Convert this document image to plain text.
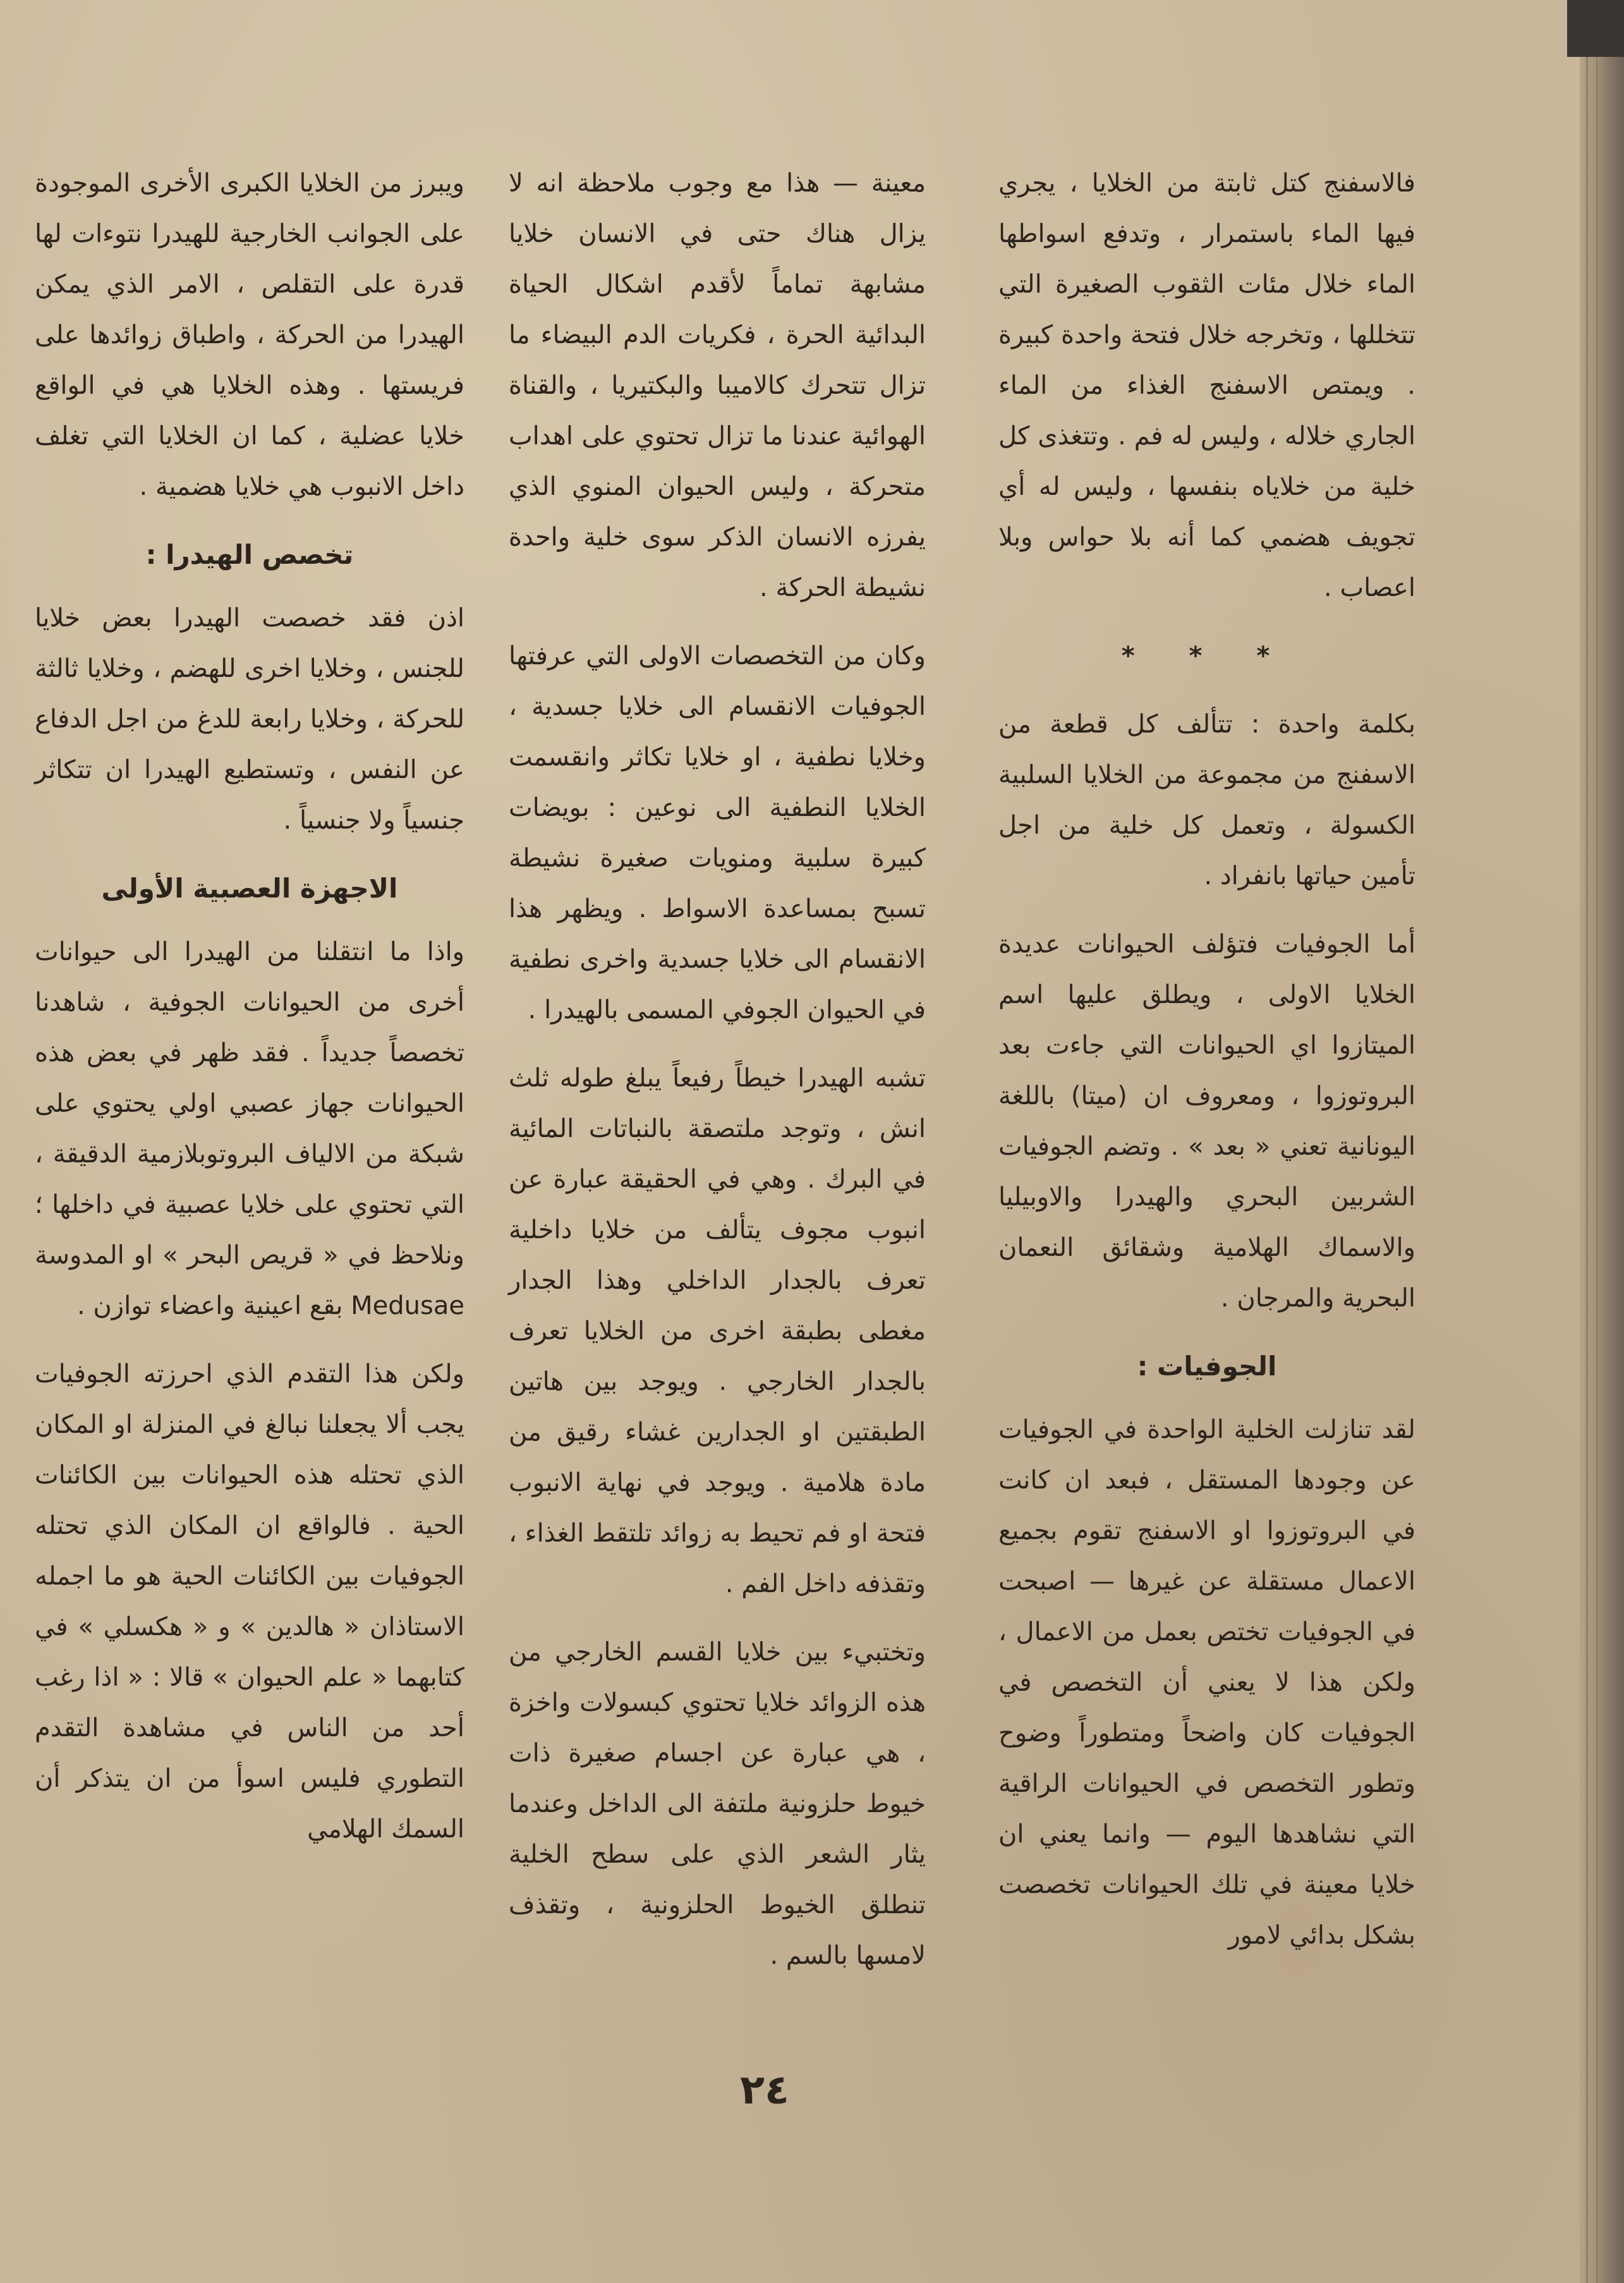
فالاسفنج كتل ثابتة من الخلايا ، يجري فيها الماء باستمرار ، وتدفع اسواطها الماء خلال مئات الثقوب الصغيرة التي تتخللها ، وتخرجه خلال فتحة واحدة كبيرة . ويمتص الاسفنج الغذاء من الماء الجاري خلاله ، وليس له فم . وتتغذى كل خلية من خلاياه بنفسها ، وليس له أي تجويف هضمي كما أنه بلا حواس وبلا اعصاب .

* * *

بكلمة واحدة : تتألف كل قطعة من الاسفنج من مجموعة من الخلايا السلبية الكسولة ، وتعمل كل خلية من اجل تأمين حياتها بانفراد .

أما الجوفيات فتؤلف الحيوانات عديدة الخلايا الاولى ، ويطلق عليها اسم الميتازوا اي الحيوانات التي جاءت بعد البروتوزوا ، ومعروف ان (ميتا) باللغة اليونانية تعني « بعد » . وتضم الجوفيات الشربين البحري والهيدرا والاوبيليا والاسماك الهلامية وشقائق النعمان البحرية والمرجان .

الجوفيات :

لقد تنازلت الخلية الواحدة في الجوفيات عن وجودها المستقل ، فبعد ان كانت في البروتوزوا او الاسفنج تقوم بجميع الاعمال مستقلة عن غيرها — اصبحت في الجوفيات تختص بعمل من الاعمال ، ولكن هذا لا يعني أن التخصص في الجوفيات كان واضحاً ومتطوراً وضوح وتطور التخصص في الحيوانات الراقية التي نشاهدها اليوم — وانما يعني ان خلايا معينة في تلك الحيوانات تخصصت بشكل بدائي لامور

معينة — هذا مع وجوب ملاحظة انه لا يزال هناك حتى في الانسان خلايا مشابهة تماماً لأقدم اشكال الحياة البدائية الحرة ، فكريات الدم البيضاء ما تزال تتحرك كالاميبا والبكتيريا ، والقناة الهوائية عندنا ما تزال تحتوي على اهداب متحركة ، وليس الحيوان المنوي الذي يفرزه الانسان الذكر سوى خلية واحدة نشيطة الحركة .

وكان من التخصصات الاولى التي عرفتها الجوفيات الانقسام الى خلايا جسدية ، وخلايا نطفية ، او خلايا تكاثر وانقسمت الخلايا النطفية الى نوعين : بويضات كبيرة سلبية ومنويات صغيرة نشيطة تسبح بمساعدة الاسواط . ويظهر هذا الانقسام الى خلايا جسدية واخرى نطفية في الحيوان الجوفي المسمى بالهيدرا .

تشبه الهيدرا خيطاً رفيعاً يبلغ طوله ثلث انش ، وتوجد ملتصقة بالنباتات المائية في البرك . وهي في الحقيقة عبارة عن انبوب مجوف يتألف من خلايا داخلية تعرف بالجدار الداخلي وهذا الجدار مغطى بطبقة اخرى من الخلايا تعرف بالجدار الخارجي . ويوجد بين هاتين الطبقتين او الجدارين غشاء رقيق من مادة هلامية . ويوجد في نهاية الانبوب فتحة او فم تحيط به زوائد تلتقط الغذاء ، وتقذفه داخل الفم .

وتختبيء بين خلايا القسم الخارجي من هذه الزوائد خلايا تحتوي كبسولات واخزة ، هي عبارة عن اجسام صغيرة ذات خيوط حلزونية ملتفة الى الداخل وعندما يثار الشعر الذي على سطح الخلية تنطلق الخيوط الحلزونية ، وتقذف لامسها بالسم .

ويبرز من الخلايا الكبرى الأخرى الموجودة على الجوانب الخارجية للهيدرا نتوءات لها قدرة على التقلص ، الامر الذي يمكن الهيدرا من الحركة ، واطباق زوائدها على فريستها . وهذه الخلايا هي في الواقع خلايا عضلية ، كما ان الخلايا التي تغلف داخل الانبوب هي خلايا هضمية .

تخصص الهيدرا :

اذن فقد خصصت الهيدرا بعض خلايا للجنس ، وخلايا اخرى للهضم ، وخلايا ثالثة للحركة ، وخلايا رابعة للدغ من اجل الدفاع عن النفس ، وتستطيع الهيدرا ان تتكاثر جنسياً ولا جنسياً .

الاجهزة العصبية الأولى

واذا ما انتقلنا من الهيدرا الى حيوانات أخرى من الحيوانات الجوفية ، شاهدنا تخصصاً جديداً . فقد ظهر في بعض هذه الحيوانات جهاز عصبي اولي يحتوي على شبكة من الالياف البروتوبلازمية الدقيقة ، التي تحتوي على خلايا عصبية في داخلها ؛ ونلاحظ في « قريص البحر » او المدوسة Medusae بقع اعينية واعضاء توازن .

ولكن هذا التقدم الذي احرزته الجوفيات يجب ألا يجعلنا نبالغ في المنزلة او المكان الذي تحتله هذه الحيوانات بين الكائنات الحية . فالواقع ان المكان الذي تحتله الجوفيات بين الكائنات الحية هو ما اجمله الاستاذان « هالدين » و « هكسلي » في كتابهما « علم الحيوان » قالا : « اذا رغب أحد من الناس في مشاهدة التقدم التطوري فليس اسوأ من ان يتذكر أن السمك الهلامي

٢٤
